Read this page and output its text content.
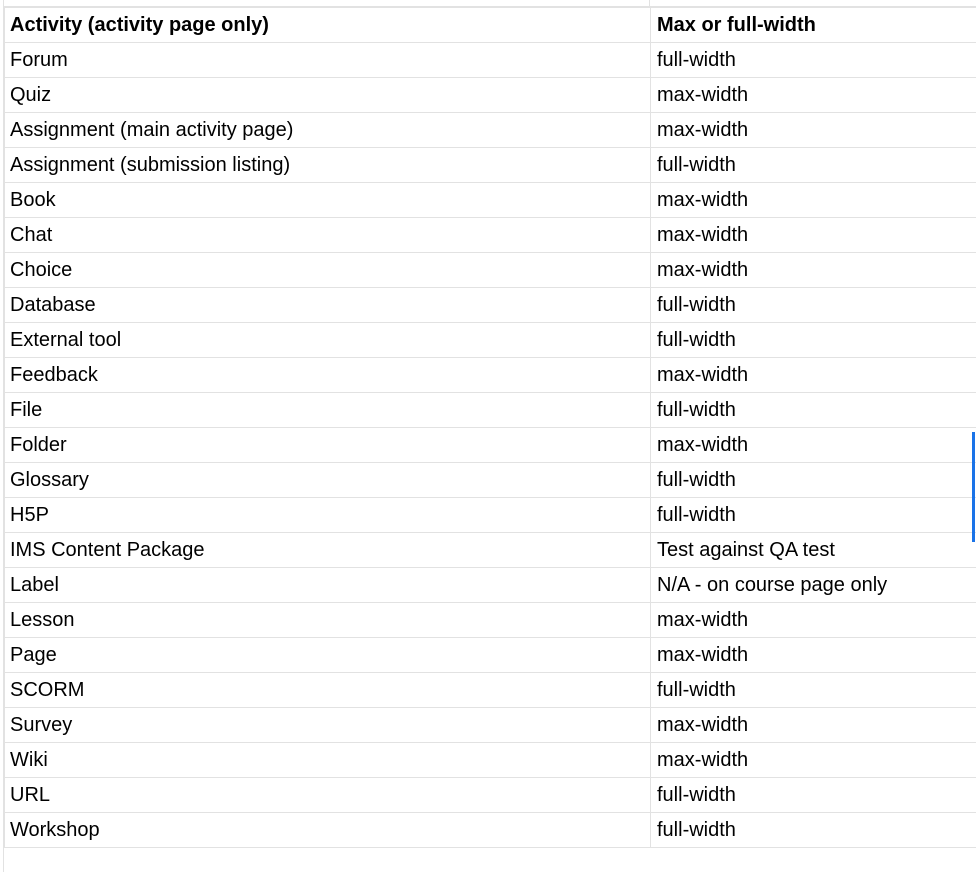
Activity (activity page only)	Max or full-width
Forum	full-width
Quiz	max-width
Assignment (main activity page)	max-width
Assignment (submission listing)	full-width
Book	max-width
Chat	max-width
Choice	max-width
Database	full-width
External tool	full-width
Feedback	max-width
File	full-width
Folder	max-width
Glossary	full-width
H5P	full-width
IMS Content Package	Test against QA test
Label	N/A - on course page only
Lesson	max-width
Page	max-width
SCORM	full-width
Survey	max-width
Wiki	max-width
URL	full-width
Workshop	full-width
